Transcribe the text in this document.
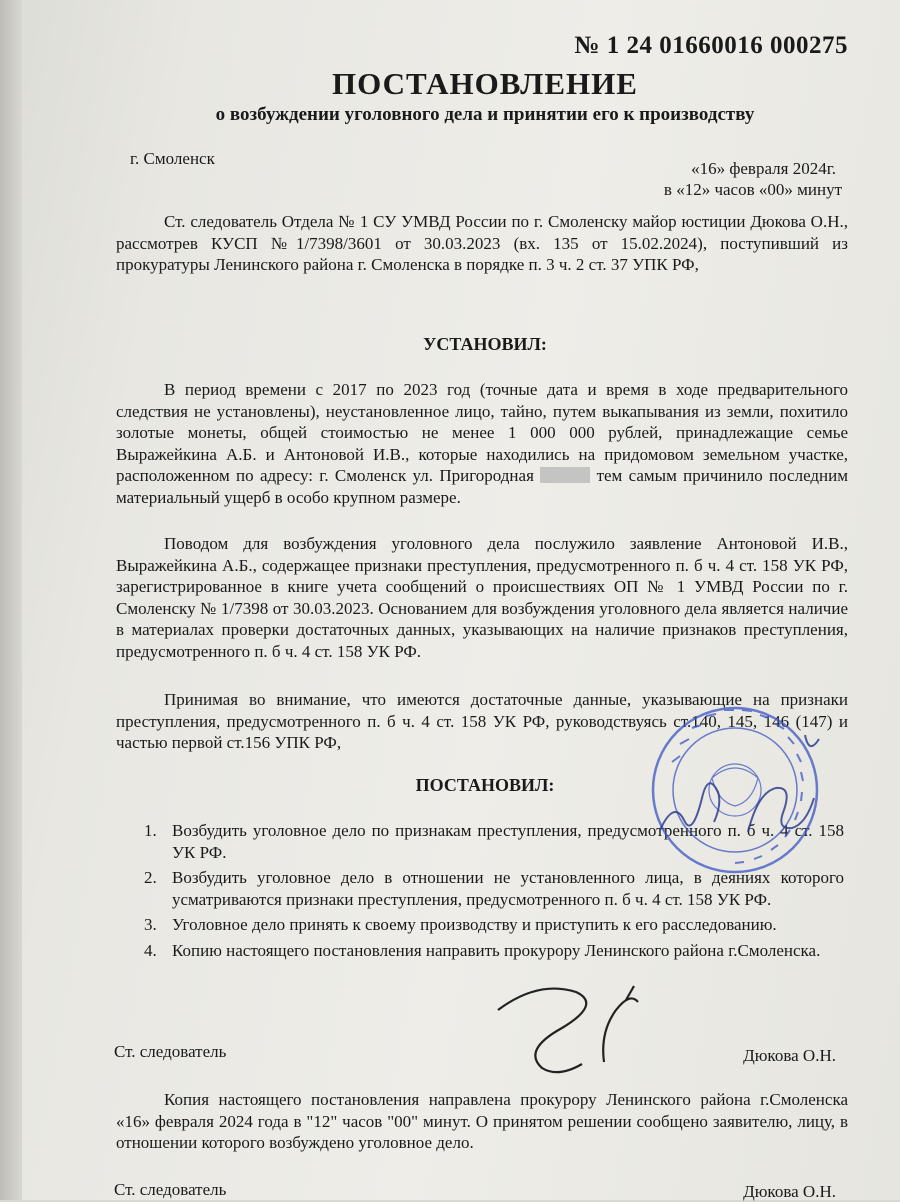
№ 1 24 01660016 000275
ПОСТАНОВЛЕНИЕ
о возбуждении уголовного дела и принятии его к производству
г. Смоленск
«16» февраля 2024г.
в «12» часов «00» минут
Ст. следователь Отдела № 1 СУ УМВД России по г. Смоленску майор юстиции Дюкова О.Н., рассмотрев КУСП №1/7398/3601 от 30.03.2023 (вх. 135 от 15.02.2024), поступивший из прокуратуры Ленинского района г. Смоленска в порядке п. 3 ч. 2 ст. 37 УПК РФ,
УСТАНОВИЛ:
В период времени с 2017 по 2023 год (точные дата и время в ходе предварительного следствия не установлены), неустановленное лицо, тайно, путем выкапывания из земли, похитило золотые монеты, общей стоимостью не менее 1 000 000 рублей, принадлежащие семье Выражейкина А.Б. и Антоновой И.В., которые находились на придомовом земельном участке, расположенном по адресу: г. Смоленск ул. Пригородная	тем самым причинило последним материальный ущерб в особо крупном размере.
Поводом для возбуждения уголовного дела послужило заявление Антоновой И.В., Выражейкина А.Б., содержащее признаки преступления, предусмотренного п. б ч. 4 ст. 158 УК РФ, зарегистрированное в книге учета сообщений о происшествиях ОП № 1 УМВД России по г. Смоленску № 1/7398 от 30.03.2023. Основанием для возбуждения уголовного дела является наличие в материалах проверки достаточных данных, указывающих на наличие признаков преступления, предусмотренного п. б ч. 4 ст. 158 УК РФ.
Принимая во внимание, что имеются достаточные данные, указывающие на признаки преступления, предусмотренного п. б ч. 4 ст. 158 УК РФ, руководствуясь ст.140, 145, 146 (147) и частью первой ст.156 УПК РФ,
ПОСТАНОВИЛ:
1. Возбудить уголовное дело по признакам преступления, предусмотренного п. б ч. 4 ст. 158 УК РФ.
2. Возбудить уголовное дело в отношении не установленного лица, в деяниях которого усматриваются признаки преступления, предусмотренного п. б ч. 4 ст. 158 УК РФ.
3. Уголовное дело принять к своему производству и приступить к его расследованию.
4. Копию настоящего постановления направить прокурору Ленинского района г.Смоленска.
Ст. следователь	Дюкова О.Н.
Копия настоящего постановления направлена прокурору Ленинского района г.Смоленска «16» февраля 2024 года в "12" часов "00" минут. О принятом решении сообщено заявителю, лицу, в отношении которого возбуждено уголовное дело.
Ст. следователь	Дюкова О.Н.
